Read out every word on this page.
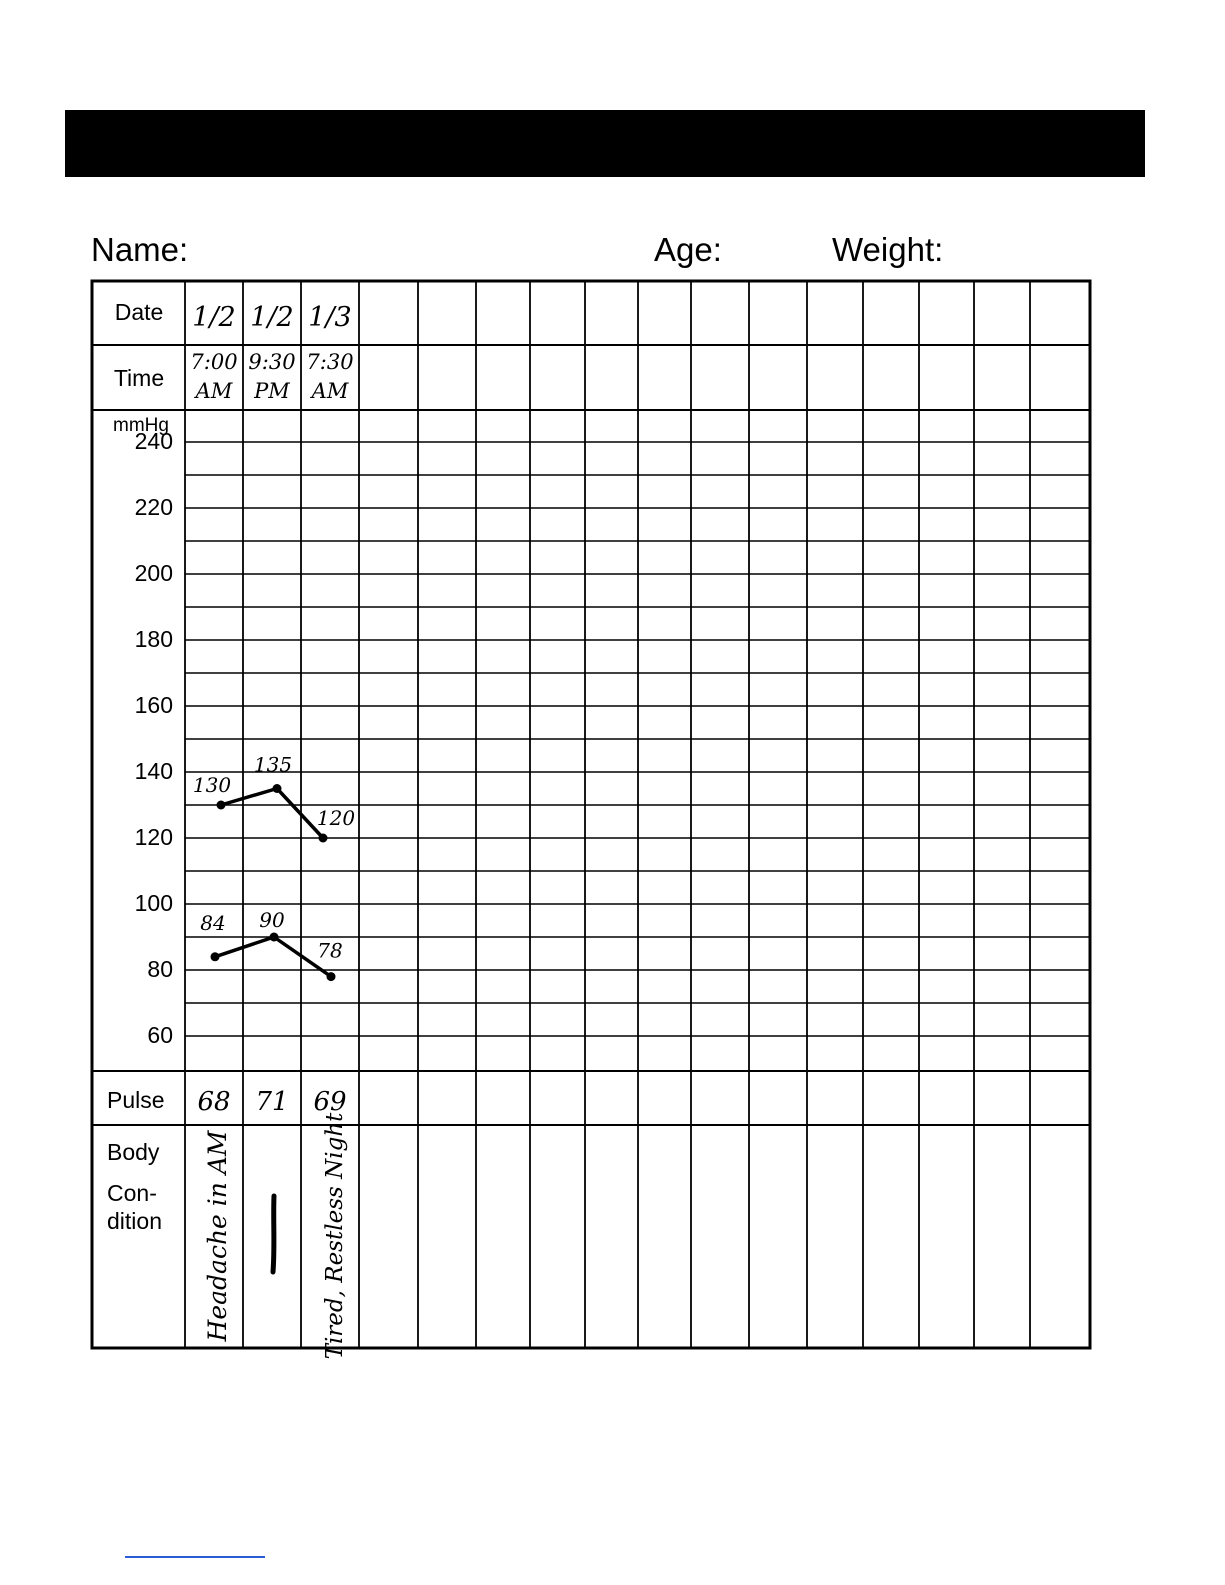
Name:	Age:	Weight:
Date
Time
mmHg
Pulse
Body
Con-
dition
1/2
7:00
AM
68
Headache in AM
1/2
9:30
PM
71
1/3
7:30
AM
69
Tired, Restless Night
240
220
200
180
160
140
120
100
80
60
130
135
120
84 90
78
